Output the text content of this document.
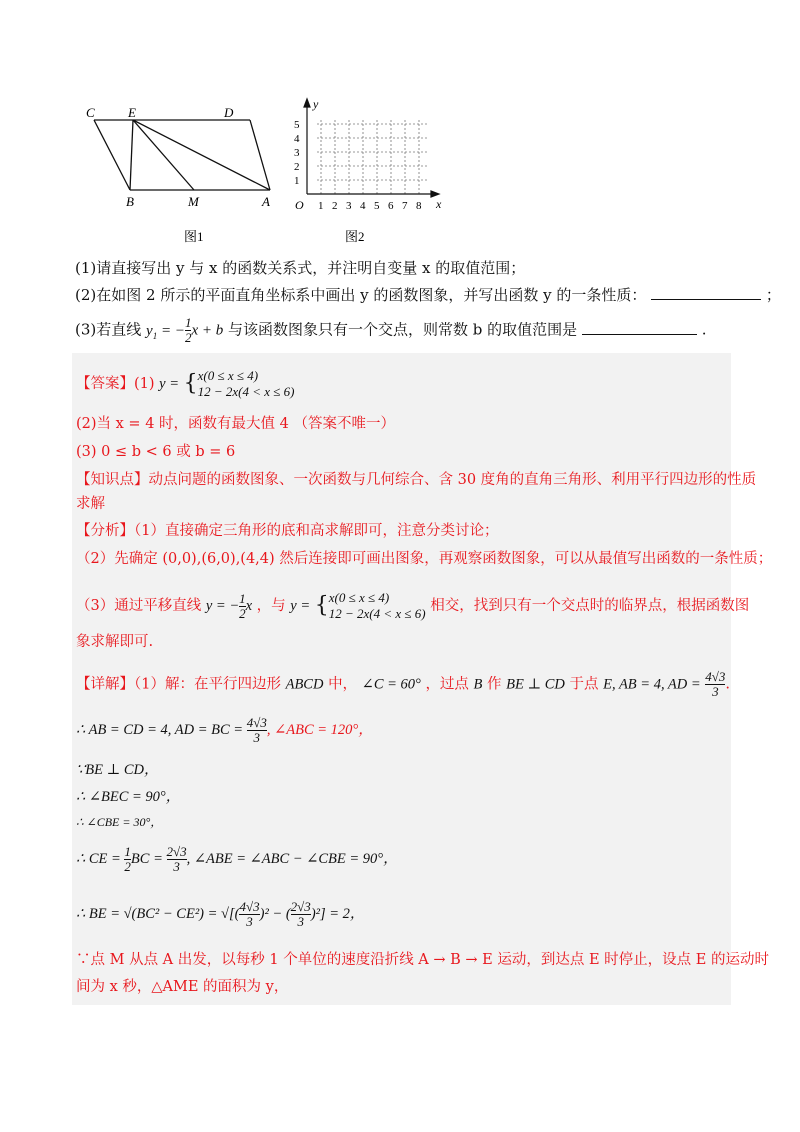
C	E	D
B	M	A
图1
y
x
O 1 2 3 4 5 6 7 8
1
2
3
4
5
图2
(1)请直接写出 y 与 x 的函数关系式，并注明自变量 x 的取值范围；
(2)在如图 2 所示的平面直角坐标系中画出 y 的函数图象，并写出函数 y 的一条性质：	；
(3)若直线 $y_1$ = − $\frac{1}{2}$ x + b 与该函数图象只有一个交点，则常数 b 的取值范围是	.
【答案】(1) y = { x(0 ≤ x ≤ 4)
12 − 2x(4 < x ≤ 6)
(2)当 x = 4 时，函数有最大值 4 （答案不唯一）
(3) 0 ≤ b < 6 或 b = 6
【知识点】动点问题的函数图象、一次函数与几何综合、含 30 度角的直角三角形、利用平行四边形的性质
求解
【分析】（1）直接确定三角形的底和高求解即可，注意分类讨论；
（2）先确定 (0,0),(6,0),(4,4) 然后连接即可画出图象，再观察函数图象，可以从最值写出函数的一条性质；
（3）通过平移直线 y = − $\frac{1}{2}$ x ，与 y = { x(0 ≤ x ≤ 4)
12 − 2x(4 < x ≤ 6) 相交，找到只有一个交点时的临界点，根据函数图
象求解即可.
【详解】（1）解：在平行四边形 ABCD 中， ∠C = 60° ，过点 B 作 BE ⊥ CD 于点 E, AB = 4, AD = $\frac{4√3}{3}$ .
∴ AB = CD = 4, AD = BC = $\frac{4√3}{3}$ , ∠ABC = 120°，
∵BE ⊥ CD，
∴ ∠BEC = 90°，
∴ ∠CBE = 30°，
∴ CE = $\frac{1}{2}$ BC = $\frac{2√3}{3}$ , ∠ABE = ∠ABC − ∠CBE = 90°，
∴ BE = √(BC² − CE²) = √[( $\frac{4√3}{3} )^2$ − ( $\frac{2√3}{3} )^2] = 2$，
∵点 M 从点 A 出发，以每秒 1 个单位的速度沿折线 A → B → E 运动，到达点 E 时停止，设点 E 的运动时
间为 x 秒，△AME 的面积为 y，
